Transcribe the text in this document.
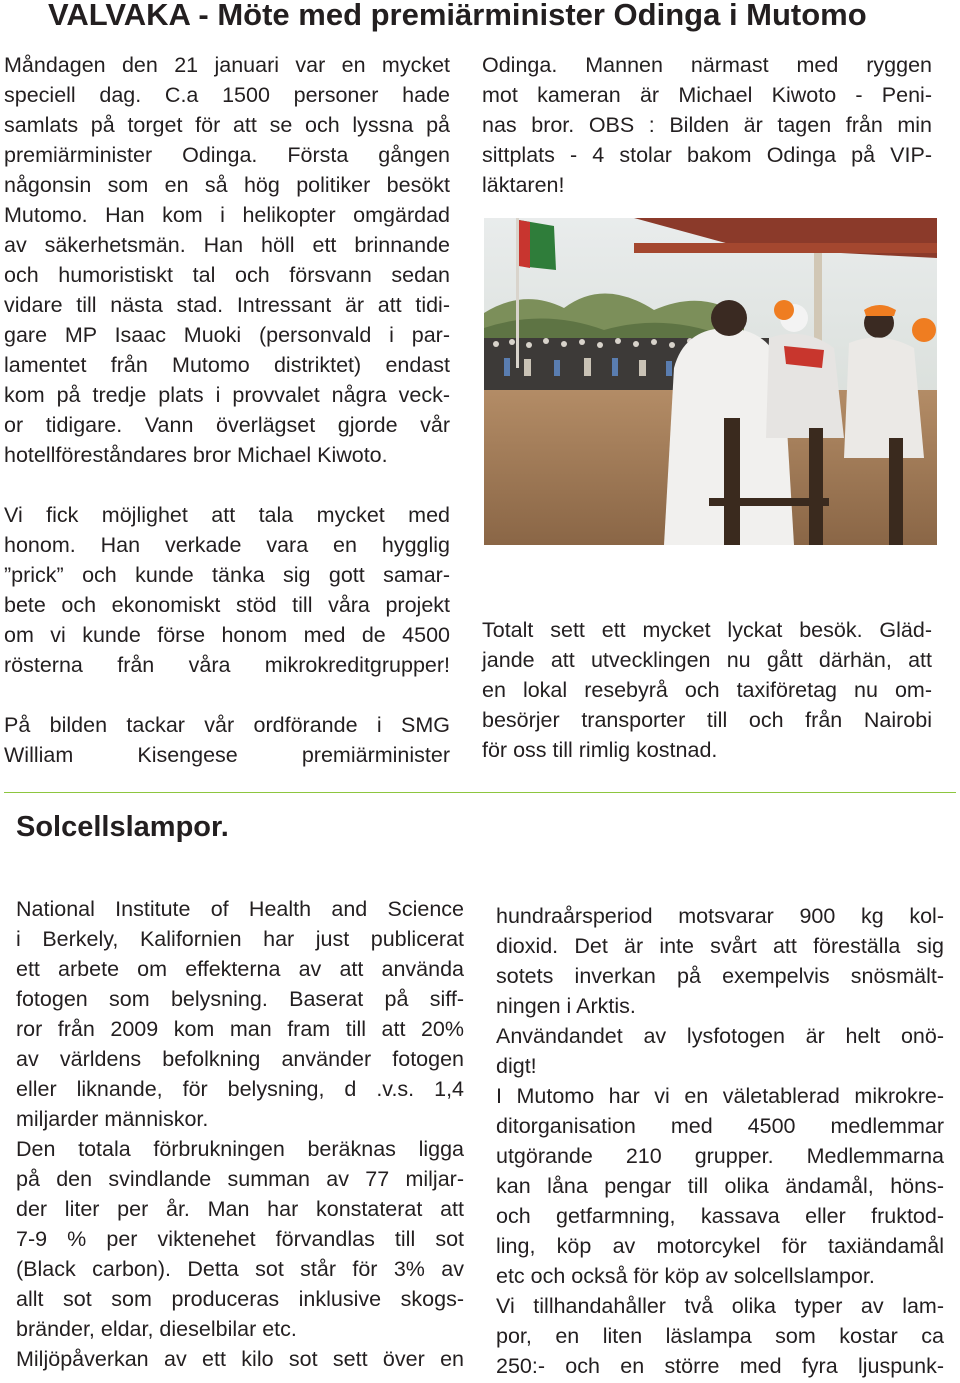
VALVAKA - Möte med premiärminister Odinga i Mutomo

Måndagen den 21 januari var en mycket

speciell dag. C.a 1500 personer hade

samlats på torget för att se och lyssna på

premiärminister Odinga. Första gången

någonsin som en så hög politiker besökt

Mutomo. Han kom i helikopter omgärdad

av säkerhetsmän. Han höll ett brinnande

och humoristiskt tal och försvann sedan

vidare till nästa stad. Intressant är att tidi-

gare MP Isaac Muoki (personvald i par-

lamentet från Mutomo distriktet) endast

kom på tredje plats i provvalet några veck-

or tidigare. Vann överlägset gjorde vår

hotellföreståndares bror Michael Kiwoto.

Vi fick möjlighet att tala mycket med

honom. Han verkade vara en hygglig

”prick” och kunde tänka sig gott samar-

bete och ekonomiskt stöd till våra projekt

om vi kunde förse honom med de 4500

rösterna från våra mikrokreditgrupper!

På bilden tackar vår ordförande i SMG

William Kisengese premiärminister

Odinga. Mannen närmast med ryggen

mot kameran är Michael Kiwoto - Peni-

nas bror. OBS : Bilden är tagen från min

sittplats - 4 stolar bakom Odinga på VIP-

läktaren!

Totalt sett ett mycket lyckat besök. Gläd-

jande att utvecklingen nu gått därhän, att

en lokal resebyrå och taxiföretag nu om-

besörjer transporter till och från Nairobi

för oss till rimlig kostnad.

Solcellslampor.

National Institute of Health and Science

i Berkely, Kalifornien har just publicerat

ett arbete om effekterna av att använda

fotogen som belysning. Baserat på siff-

ror från 2009 kom man fram till att 20%

av världens befolkning använder fotogen

eller liknande, för belysning, d .v.s. 1,4

miljarder människor.

Den totala förbrukningen beräknas ligga

på den svindlande summan av 77 miljar-

der liter per år. Man har konstaterat att

7-9 % per viktenehet förvandlas till sot

(Black carbon). Detta sot står för 3% av

allt sot som produceras inklusive skogs-

bränder, eldar, dieselbilar etc.

Miljöpåverkan av ett kilo sot sett över en

hundraårsperiod motsvarar 900 kg kol-

dioxid. Det är inte svårt att föreställa sig

sotets inverkan på exempelvis snösmält-

ningen i Arktis.

Användandet av lysfotogen är helt onö-

digt!

I Mutomo har vi en väletablerad mikrokre-

ditorganisation med 4500 medlemmar

utgörande 210 grupper. Medlemmarna

kan låna pengar till olika ändamål, höns-

och getfarmning, kassava eller fruktod-

ling, köp av motorcykel för taxiändamål

etc och också för köp av solcellslampor.

Vi tillhandahåller två olika typer av lam-

por, en liten läslampa som kostar ca

250:- och en större med fyra ljuspunk-
